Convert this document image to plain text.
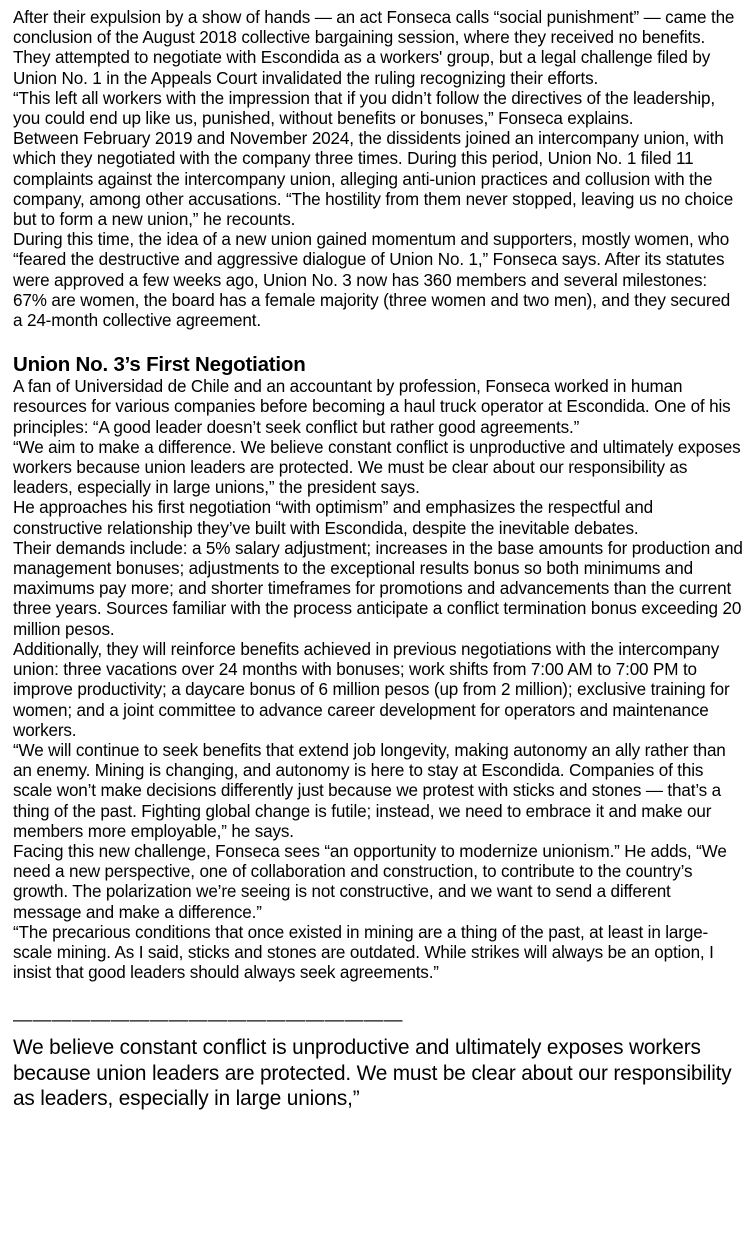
After their expulsion by a show of hands — an act Fonseca calls “social punishment” — came the conclusion of the August 2018 collective bargaining session, where they received no benefits. They attempted to negotiate with Escondida as a workers' group, but a legal challenge filed by Union No. 1 in the Appeals Court invalidated the ruling recognizing their efforts.

“This left all workers with the impression that if you didn’t follow the directives of the leadership, you could end up like us, punished, without benefits or bonuses,” Fonseca explains.

Between February 2019 and November 2024, the dissidents joined an intercompany union, with which they negotiated with the company three times. During this period, Union No. 1 filed 11 complaints against the intercompany union, alleging anti-union practices and collusion with the company, among other accusations. “The hostility from them never stopped, leaving us no choice but to form a new union,” he recounts.

During this time, the idea of a new union gained momentum and supporters, mostly women, who “feared the destructive and aggressive dialogue of Union No. 1,” Fonseca says. After its statutes were approved a few weeks ago, Union No. 3 now has 360 members and several milestones: 67% are women, the board has a female majority (three women and two men), and they secured a 24-month collective agreement.

Union No. 3’s First Negotiation

A fan of Universidad de Chile and an accountant by profession, Fonseca worked in human resources for various companies before becoming a haul truck operator at Escondida. One of his principles: “A good leader doesn’t seek conflict but rather good agreements.”

“We aim to make a difference. We believe constant conflict is unproductive and ultimately exposes workers because union leaders are protected. We must be clear about our responsibility as leaders, especially in large unions,” the president says.

He approaches his first negotiation “with optimism” and emphasizes the respectful and constructive relationship they’ve built with Escondida, despite the inevitable debates.

Their demands include: a 5% salary adjustment; increases in the base amounts for production and management bonuses; adjustments to the exceptional results bonus so both minimums and maximums pay more; and shorter timeframes for promotions and advancements than the current three years. Sources familiar with the process anticipate a conflict termination bonus exceeding 20 million pesos.

Additionally, they will reinforce benefits achieved in previous negotiations with the intercompany union: three vacations over 24 months with bonuses; work shifts from 7:00 AM to 7:00 PM to improve productivity; a daycare bonus of 6 million pesos (up from 2 million); exclusive training for women; and a joint committee to advance career development for operators and maintenance workers.

“We will continue to seek benefits that extend job longevity, making autonomy an ally rather than an enemy. Mining is changing, and autonomy is here to stay at Escondida. Companies of this scale won’t make decisions differently just because we protest with sticks and stones — that’s a thing of the past. Fighting global change is futile; instead, we need to embrace it and make our members more employable,” he says.

Facing this new challenge, Fonseca sees “an opportunity to modernize unionism.” He adds, “We need a new perspective, one of collaboration and construction, to contribute to the country’s growth. The polarization we’re seeing is not constructive, and we want to send a different message and make a difference.”

“The precarious conditions that once existed in mining are a thing of the past, at least in large-scale mining. As I said, sticks and stones are outdated. While strikes will always be an option, I insist that good leaders should always seek agreements.”

————————————————————

We believe constant conflict is unproductive and ultimately exposes workers because union leaders are protected. We must be clear about our responsibility as leaders, especially in large unions,”
